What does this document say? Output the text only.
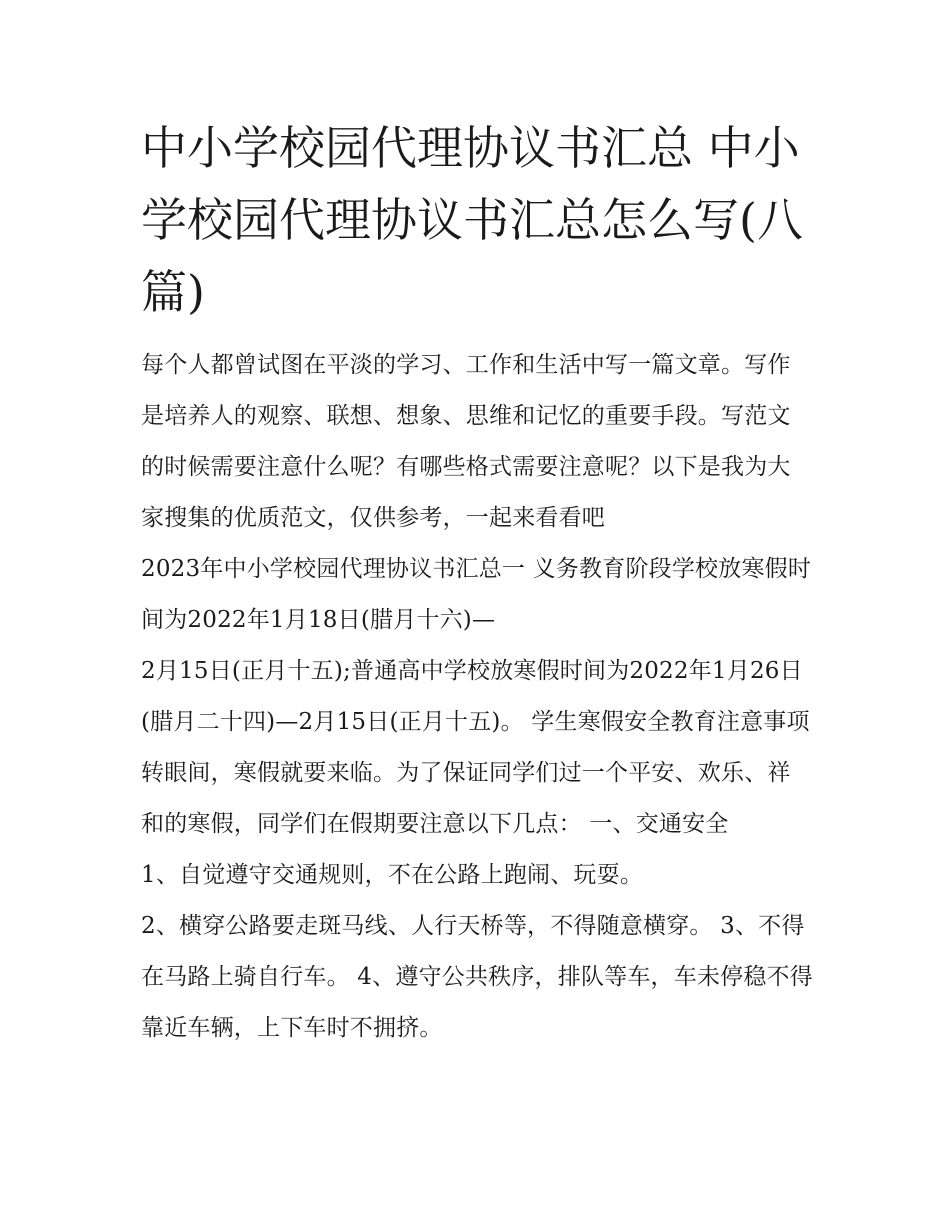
中小学校园代理协议书汇总 中小学校园代理协议书汇总怎么写(八篇)

每个人都曾试图在平淡的学习、工作和生活中写一篇文章。写作是培养人的观察、联想、想象、思维和记忆的重要手段。写范文的时候需要注意什么呢？有哪些格式需要注意呢？以下是我为大家搜集的优质范文，仅供参考，一起来看看吧

2023年中小学校园代理协议书汇总一 义务教育阶段学校放寒假时间为2022年1月18日(腊月十六)—

2月15日(正月十五);普通高中学校放寒假时间为2022年1月26日(腊月二十四)—2月15日(正月十五)。 学生寒假安全教育注意事项

转眼间，寒假就要来临。为了保证同学们过一个平安、欢乐、祥和的寒假，同学们在假期要注意以下几点： 一、交通安全

1、自觉遵守交通规则，不在公路上跑闹、玩耍。

2、横穿公路要走斑马线、人行天桥等，不得随意横穿。 3、不得在马路上骑自行车。 4、遵守公共秩序，排队等车，车未停稳不得靠近车辆，上下车时不拥挤。
